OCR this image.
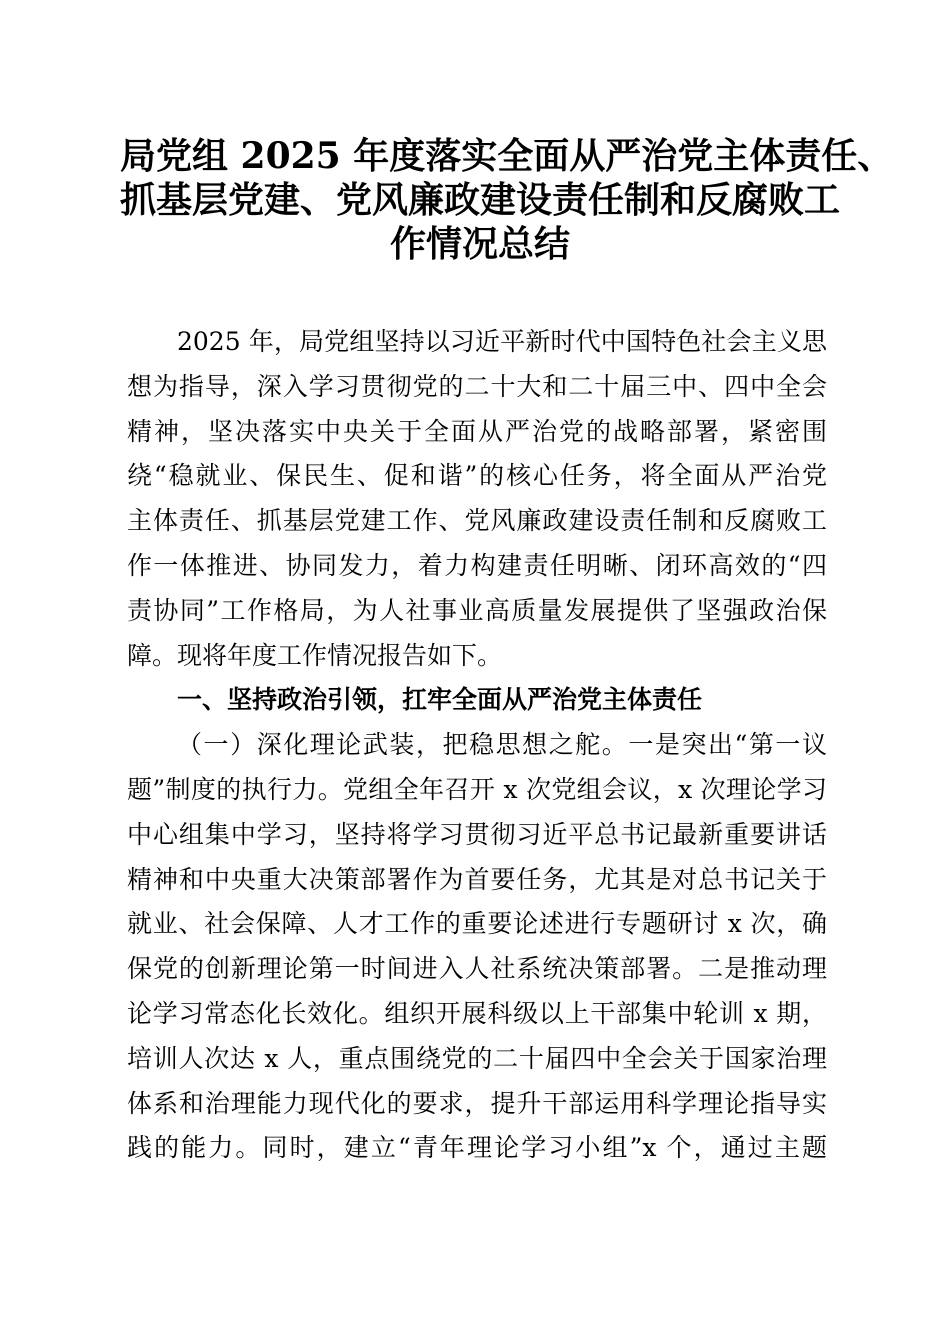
局党组 2025 年度落实全面从严治党主体责任、
抓基层党建、党风廉政建设责任制和反腐败工
作情况总结
2025 年，局党组坚持以习近平新时代中国特色社会主义思
想为指导，深入学习贯彻党的二十大和二十届三中、四中全会
精神，坚决落实中央关于全面从严治党的战略部署，紧密围
绕“稳就业、保民生、促和谐”的核心任务，将全面从严治党
主体责任、抓基层党建工作、党风廉政建设责任制和反腐败工
作一体推进、协同发力，着力构建责任明晰、闭环高效的“四
责协同”工作格局，为人社事业高质量发展提供了坚强政治保
障。现将年度工作情况报告如下。
一、坚持政治引领，扛牢全面从严治党主体责任
（一）深化理论武装，把稳思想之舵。一是突出“第一议
题”制度的执行力。党组全年召开 x 次党组会议，x 次理论学习
中心组集中学习，坚持将学习贯彻习近平总书记最新重要讲话
精神和中央重大决策部署作为首要任务，尤其是对总书记关于
就业、社会保障、人才工作的重要论述进行专题研讨 x 次，确
保党的创新理论第一时间进入人社系统决策部署。二是推动理
论学习常态化长效化。组织开展科级以上干部集中轮训 x 期，
培训人次达 x 人，重点围绕党的二十届四中全会关于国家治理
体系和治理能力现代化的要求，提升干部运用科学理论指导实
践的能力。同时，建立“青年理论学习小组”x 个，通过主题
